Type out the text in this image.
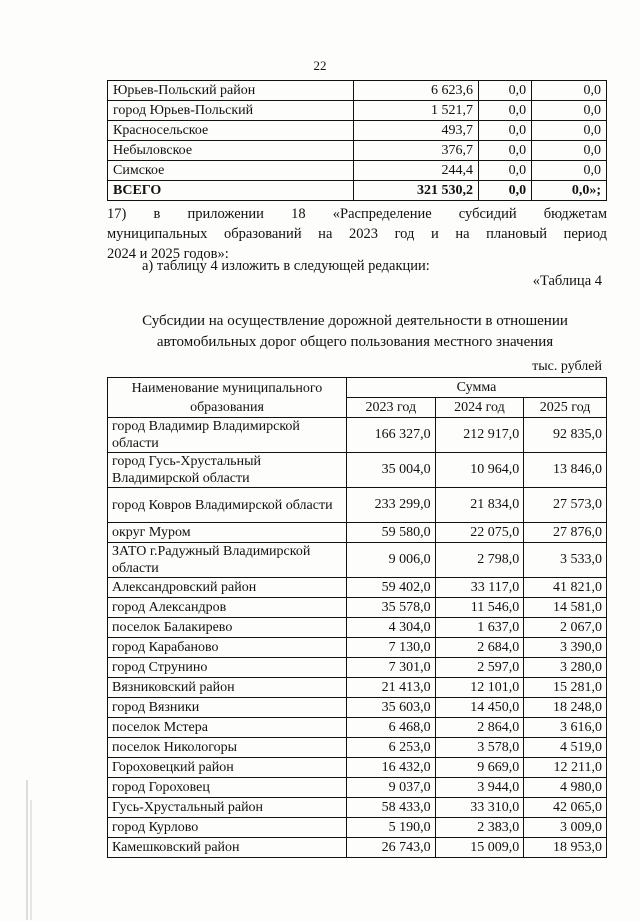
22
Юрьев-Польский район	6 623,6	0,0	0,0
город Юрьев-Польский	1 521,7	0,0	0,0
Красносельское	493,7	0,0	0,0
Небыловское	376,7	0,0	0,0
Симское	244,4	0,0	0,0
ВСЕГО	321 530,2	0,0	0,0»;

17) в приложении 18 «Распределение субсидий бюджетам

муниципальных образований на 2023 год и на плановый период

2024 и 2025 годов»:

а) таблицу 4 изложить в следующей редакции:

«Таблица 4

Субсидии на осуществление дорожной деятельности в отношении
автомобильных дорог общего пользования местного значения
тыс. рублей
Наименование муниципального образования	Сумма		
	2023 год	2024 год	2025 год
город Владимир Владимирской области	166 327,0	212 917,0	92 835,0
город Гусь-Хрустальный Владимирской области	35 004,0	10 964,0	13 846,0
город Ковров Владимирской области	233 299,0	21 834,0	27 573,0
округ Муром	59 580,0	22 075,0	27 876,0
ЗАТО г.Радужный Владимирской области	9 006,0	2 798,0	3 533,0
Александровский район	59 402,0	33 117,0	41 821,0
город Александров	35 578,0	11 546,0	14 581,0
поселок Балакирево	4 304,0	1 637,0	2 067,0
город Карабаново	7 130,0	2 684,0	3 390,0
город Струнино	7 301,0	2 597,0	3 280,0
Вязниковский район	21 413,0	12 101,0	15 281,0
город Вязники	35 603,0	14 450,0	18 248,0
поселок Мстера	6 468,0	2 864,0	3 616,0
поселок Никологоры	6 253,0	3 578,0	4 519,0
Гороховецкий район	16 432,0	9 669,0	12 211,0
город Гороховец	9 037,0	3 944,0	4 980,0
Гусь-Хрустальный район	58 433,0	33 310,0	42 065,0
город Курлово	5 190,0	2 383,0	3 009,0
Камешковский район	26 743,0	15 009,0	18 953,0
